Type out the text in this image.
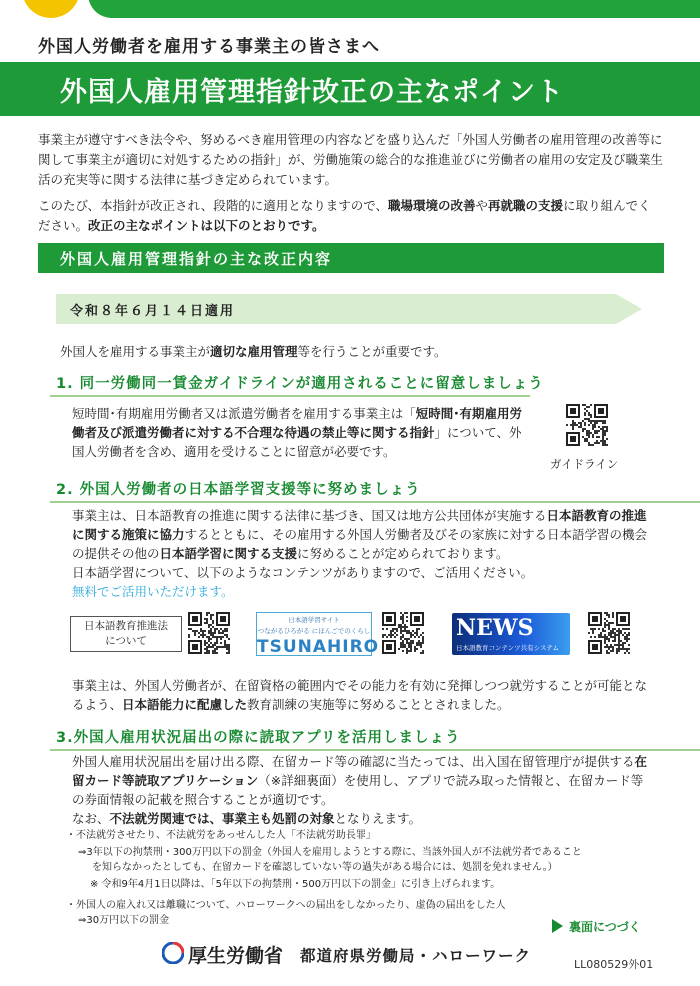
外国人労働者を雇用する事業主の皆さまへ
外国人雇用管理指針改正の主なポイント

事業主が遵守すべき法令や、努めるべき雇用管理の内容などを盛り込んだ「外国人労働者の雇用管理の改善等に関して事業主が適切に対処するための指針」が、労働施策の総合的な推進並びに労働者の雇用の安定及び職業生活の充実等に関する法律に基づき定められています。

このたび、本指針が改正され、段階的に適用となりますので、職場環境の改善や再就職の支援に取り組んでください。改正の主なポイントは以下のとおりです。

外国人雇用管理指針の主な改正内容
令和８年６月１４日適用
外国人を雇用する事業主が適切な雇用管理等を行うことが重要です。
1. 同一労働同一賃金ガイドラインが適用されることに留意しましょう
短時間･有期雇用労働者又は派遣労働者を雇用する事業主は「短時間･有期雇用労働者及び派遣労働者に対する不合理な待遇の禁止等に関する指針」について、外国人労働者を含め、適用を受けることに留意が必要です。
ガイドライン
2. 外国人労働者の日本語学習支援等に努めましょう
事業主は、日本語教育の推進に関する法律に基づき、国又は地方公共団体が実施する日本語教育の推進に関する施策に協力するとともに、その雇用する外国人労働者及びその家族に対する日本語学習の機会の提供その他の日本語学習に関する支援に努めることが定められております。
日本語学習について、以下のようなコンテンツがありますので、ご活用ください。
無料でご活用いただけます。
日本語教育推進法
について
日本語学習サイト
つながるひろがる にほんごでのくらし
TSUNAHIRO
NEWS
日本語教育コンテンツ共有システム
事業主は、外国人労働者が、在留資格の範囲内でその能力を有効に発揮しつつ就労することが可能となるよう、日本語能力に配慮した教育訓練の実施等に努めることとされました。
3.外国人雇用状況届出の際に読取アプリを活用しましょう
外国人雇用状況届出を届け出る際、在留カード等の確認に当たっては、出入国在留管理庁が提供する在留カード等読取アプリケーション（※詳細裏面）を使用し、アプリで読み取った情報と、在留カード等の券面情報の記載を照合することが適切です。
なお、不法就労関連では、事業主も処罰の対象となりえます。
・不法就労させたり、不法就労をあっせんした人「不法就労助長罪」
⇒3年以下の拘禁刑・300万円以下の罰金（外国人を雇用しようとする際に、当該外国人が不法就労者であること
を知らなかったとしても、在留カードを確認していない等の過失がある場合には、処罰を免れません。）
※ 令和9年4月1日以降は、「5年以下の拘禁刑・500万円以下の罰金」に引き上げられます。
・外国人の雇入れ又は離職について、ハローワークへの届出をしなかったり、虚偽の届出をした人
⇒30万円以下の罰金	裏面につづく
厚生労働省 都道府県労働局・ハローワーク	LL080529外01
